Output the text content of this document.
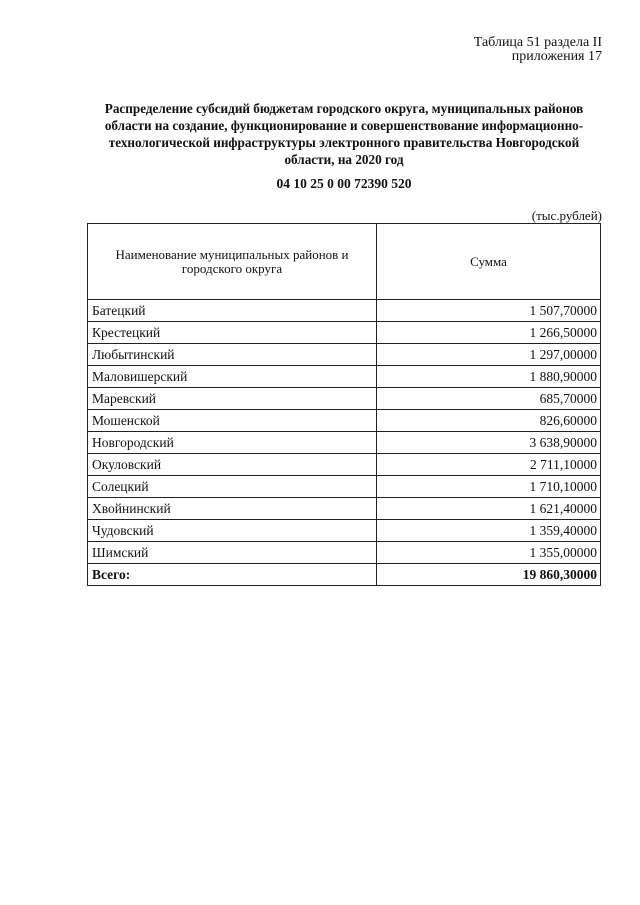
Таблица 51 раздела II
приложения 17
Распределение субсидий бюджетам городского округа, муниципальных районов области на создание, функционирование и совершенствование информационно-технологической инфраструктуры электронного правительства Новгородской области, на 2020 год
04 10 25 0 00 72390 520
(тыс.рублей)
Наименование муниципальных районов и городского округа	Сумма
Батецкий	1 507,70000
Крестецкий	1 266,50000
Любытинский	1 297,00000
Маловишерский	1 880,90000
Маревский	685,70000
Мошенской	826,60000
Новгородский	3 638,90000
Окуловский	2 711,10000
Солецкий	1 710,10000
Хвойнинский	1 621,40000
Чудовский	1 359,40000
Шимский	1 355,00000
Всего:	19 860,30000
